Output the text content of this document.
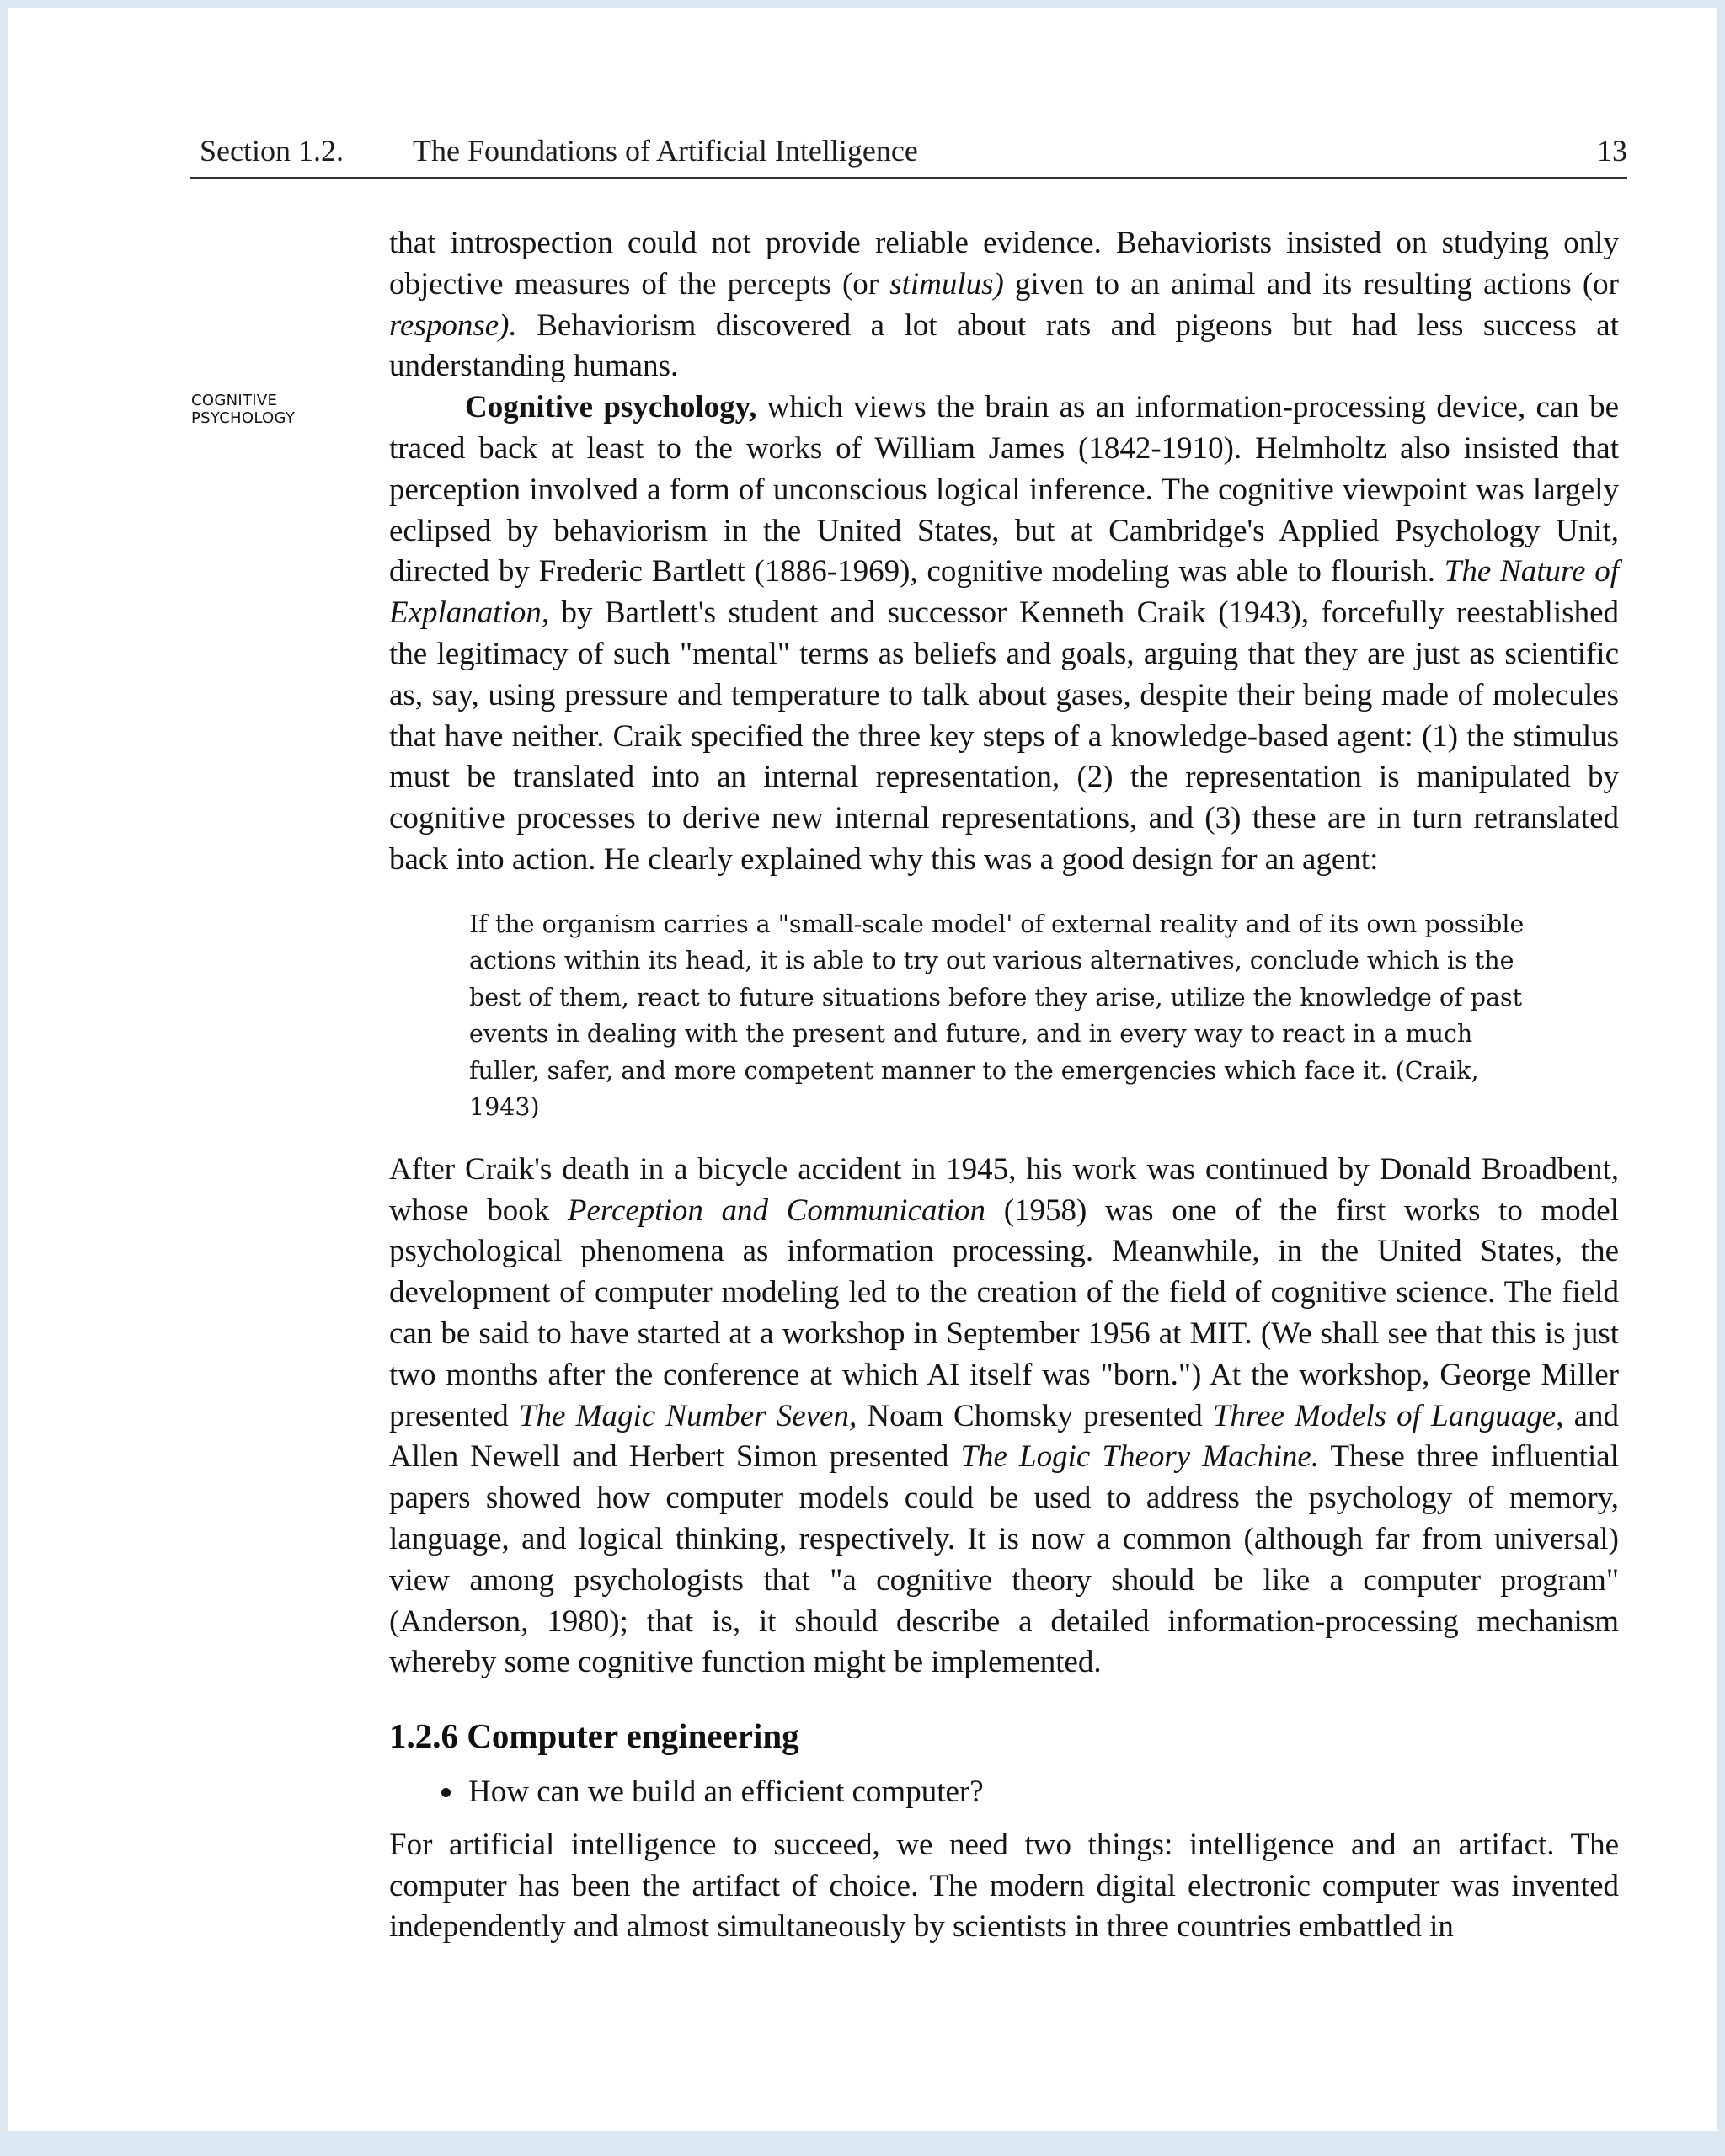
Section 1.2. The Foundations of Artificial Intelligence	13
COGNITIVE
PSYCHOLOGY

that introspection could not provide reliable evidence. Behaviorists insisted on studying only objective measures of the percepts (or stimulus) given to an animal and its resulting actions (or response). Behaviorism discovered a lot about rats and pigeons but had less success at understanding humans.

Cognitive psychology, which views the brain as an information-processing device, can be traced back at least to the works of William James (1842-1910). Helmholtz also insisted that perception involved a form of unconscious logical inference. The cognitive viewpoint was largely eclipsed by behaviorism in the United States, but at Cambridge's Applied Psychology Unit, directed by Frederic Bartlett (1886-1969), cognitive modeling was able to flourish. The Nature of Explanation, by Bartlett's student and successor Kenneth Craik (1943), forcefully reestablished the legitimacy of such "mental" terms as beliefs and goals, arguing that they are just as scientific as, say, using pressure and temperature to talk about gases, despite their being made of molecules that have neither. Craik specified the three key steps of a knowledge-based agent: (1) the stimulus must be translated into an internal representation, (2) the representation is manipulated by cognitive processes to derive new internal representations, and (3) these are in turn retranslated back into action. He clearly explained why this was a good design for an agent:

If the organism carries a "small-scale model' of external reality and of its own possible actions within its head, it is able to try out various alternatives, conclude which is the best of them, react to future situations before they arise, utilize the knowledge of past events in dealing with the present and future, and in every way to react in a much fuller, safer, and more competent manner to the emergencies which face it. (Craik, 1943)

After Craik's death in a bicycle accident in 1945, his work was continued by Donald Broadbent, whose book Perception and Communication (1958) was one of the first works to model psychological phenomena as information processing. Meanwhile, in the United States, the development of computer modeling led to the creation of the field of cognitive science. The field can be said to have started at a workshop in September 1956 at MIT. (We shall see that this is just two months after the conference at which AI itself was "born.") At the workshop, George Miller presented The Magic Number Seven, Noam Chomsky presented Three Models of Language, and Allen Newell and Herbert Simon presented The Logic Theory Machine. These three influential papers showed how computer models could be used to address the psychology of memory, language, and logical thinking, respectively. It is now a common (although far from universal) view among psychologists that "a cognitive theory should be like a computer program" (Anderson, 1980); that is, it should describe a detailed information-processing mechanism whereby some cognitive function might be implemented.

1.2.6 Computer engineering
• How can we build an efficient computer?

For artificial intelligence to succeed, we need two things: intelligence and an artifact. The computer has been the artifact of choice. The modern digital electronic computer was invented independently and almost simultaneously by scientists in three countries embattled in
